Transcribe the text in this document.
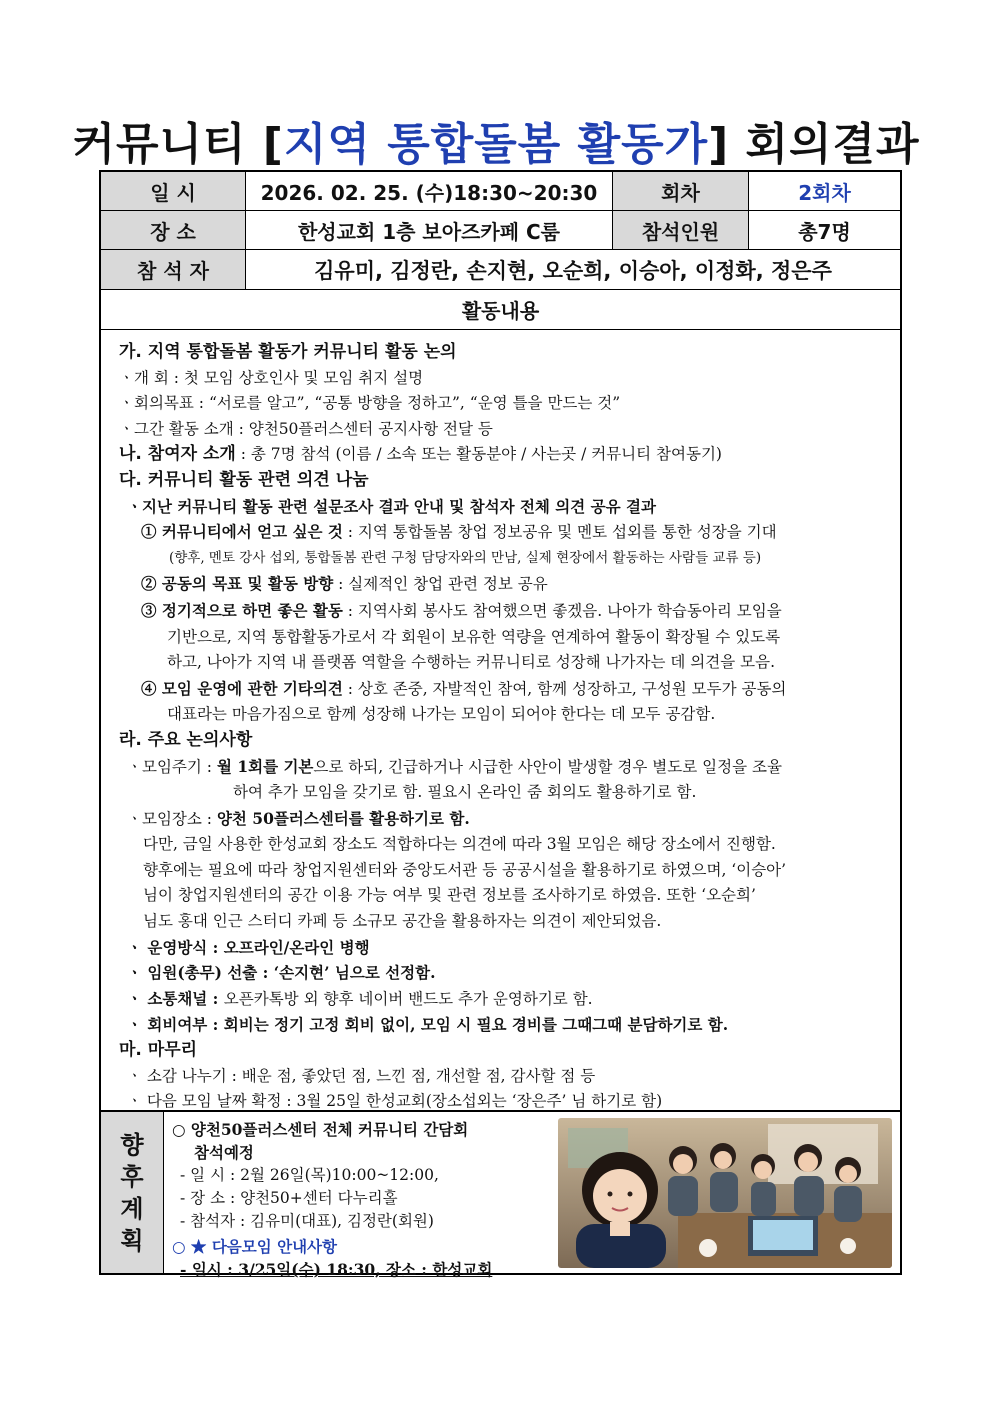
커뮤니티 [지역 통합돌봄 활동가] 회의결과
일 시	2026. 02. 25. (수)18:30~20:30	회차	2회차
장 소	한성교회 1층 보아즈카페 C룸	참석인원	총7명
참 석 자	김유미, 김정란, 손지현, 오순희, 이승아, 이정화, 정은주
활동내용
가. 지역 통합돌봄 활동가 커뮤니티 활동 논의
ㆍ개 회 : 첫 모임 상호인사 및 모임 취지 설명
ㆍ회의목표 : “서로를 알고”, “공통 방향을 정하고”, “운영 틀을 만드는 것”
ㆍ그간 활동 소개 : 양천50플러스센터 공지사항 전달 등
나. 참여자 소개 : 총 7명 참석 (이름 / 소속 또는 활동분야 / 사는곳 / 커뮤니티 참여동기)
다. 커뮤니티 활동 관련 의견 나눔
ㆍ지난 커뮤니티 활동 관련 설문조사 결과 안내 및 참석자 전체 의견 공유 결과
① 커뮤니티에서 얻고 싶은 것 : 지역 통합돌봄 창업 정보공유 및 멘토 섭외를 통한 성장을 기대
(향후, 멘토 강사 섭외, 통합돌봄 관련 구청 담당자와의 만남, 실제 현장에서 활동하는 사람들 교류 등)
② 공동의 목표 및 활동 방향 : 실제적인 창업 관련 정보 공유
③ 정기적으로 하면 좋은 활동 : 지역사회 봉사도 참여했으면 좋겠음. 나아가 학습동아리 모임을
기반으로, 지역 통합활동가로서 각 회원이 보유한 역량을 연계하여 활동이 확장될 수 있도록
하고, 나아가 지역 내 플랫폼 역할을 수행하는 커뮤니티로 성장해 나가자는 데 의견을 모음.
④ 모임 운영에 관한 기타의견 : 상호 존중, 자발적인 참여, 함께 성장하고, 구성원 모두가 공동의
대표라는 마음가짐으로 함께 성장해 나가는 모임이 되어야 한다는 데 모두 공감함.
라. 주요 논의사항
ㆍ모임주기 : 월 1회를 기본으로 하되, 긴급하거나 시급한 사안이 발생할 경우 별도로 일정을 조율
하여 추가 모임을 갖기로 함. 필요시 온라인 줌 회의도 활용하기로 함.
ㆍ모임장소 : 양천 50플러스센터를 활용하기로 함.
다만, 금일 사용한 한성교회 장소도 적합하다는 의견에 따라 3월 모임은 해당 장소에서 진행함.
향후에는 필요에 따라 창업지원센터와 중앙도서관 등 공공시설을 활용하기로 하였으며, ‘이승아’
님이 창업지원센터의 공간 이용 가능 여부 및 관련 정보를 조사하기로 하였음. 또한 ‘오순희’
님도 홍대 인근 스터디 카페 등 소규모 공간을 활용하자는 의견이 제안되었음.
ㆍ 운영방식 : 오프라인/온라인 병행
ㆍ 임원(총무) 선출 : ‘손지현’ 님으로 선정함.
ㆍ 소통채널 : 오픈카톡방 외 향후 네이버 밴드도 추가 운영하기로 함.
ㆍ 회비여부 : 회비는 정기 고정 회비 없이, 모임 시 필요 경비를 그때그때 분담하기로 함.
마. 마무리
ㆍ 소감 나누기 : 배운 점, 좋았던 점, 느낀 점, 개선할 점, 감사할 점 등
ㆍ 다음 모임 날짜 확정 : 3월 25일 한성교회(장소섭외는 ‘장은주’ 님 하기로 함)
향
후
계
획
○ 양천50플러스센터 전체 커뮤니티 간담회
참석예정
- 일 시 : 2월 26일(목)10:00~12:00,
- 장 소 : 양천50+센터 다누리홀
- 참석자 : 김유미(대표), 김정란(회원)
○ ★ 다음모임 안내사항
- 일시 : 3/25일(수) 18:30, 장소 : 한성교회
